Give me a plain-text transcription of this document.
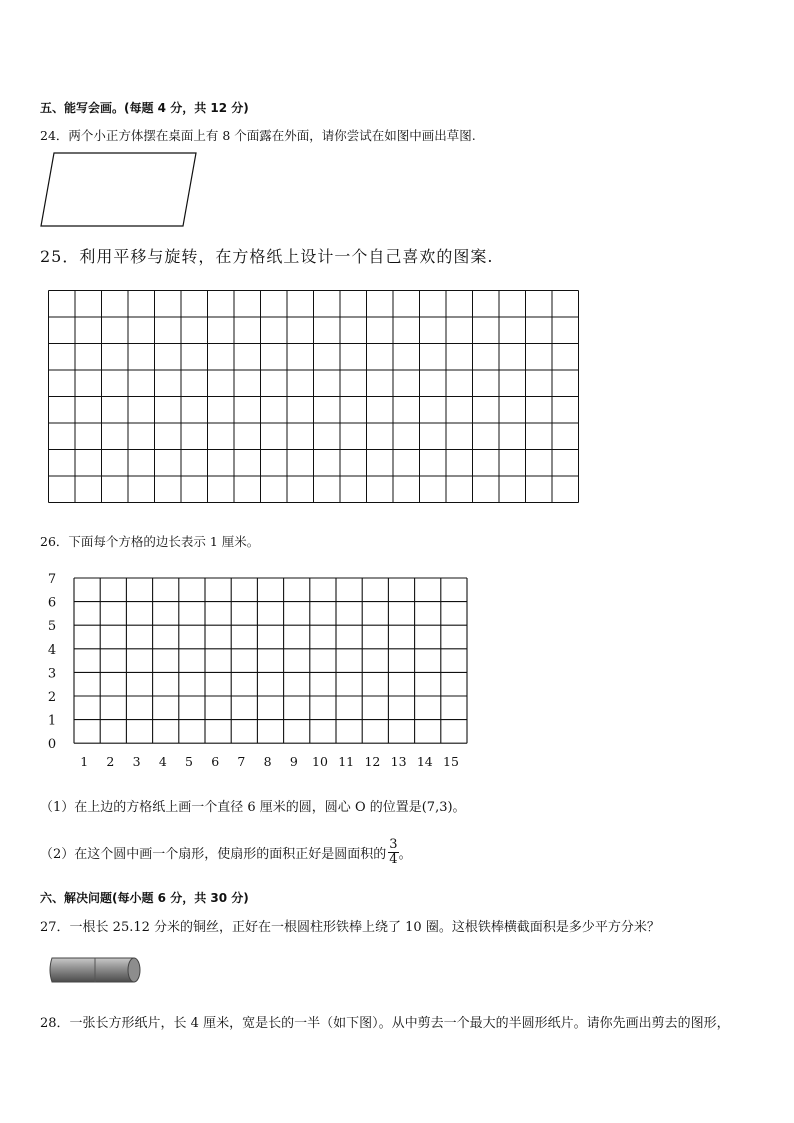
五、能写会画。(每题 4 分，共 12 分)
24．两个小正方体摆在桌面上有 8 个面露在外面，请你尝试在如图中画出草图.
25．利用平移与旋转，在方格纸上设计一个自己喜欢的图案.
26．下面每个方格的边长表示 1 厘米。
7
6
5
4
3
2
1
0
1 2 3 4 5 6 7 8 9 10 11 12 13 14 15
（1）在上边的方格纸上画一个直径 6 厘米的圆，圆心 O 的位置是(7,3)。
（2）在这个圆中画一个扇形，使扇形的面积正好是圆面积的 $\frac{3}{4}$ 。
六、解决问题(每小题 6 分，共 30 分)
27．一根长 25.12 分米的铜丝，正好在一根圆柱形铁棒上绕了 10 圈。这根铁棒横截面积是多少平方分米？
28．一张长方形纸片，长 4 厘米，宽是长的一半（如下图）。从中剪去一个最大的半圆形纸片。请你先画出剪去的图形，
